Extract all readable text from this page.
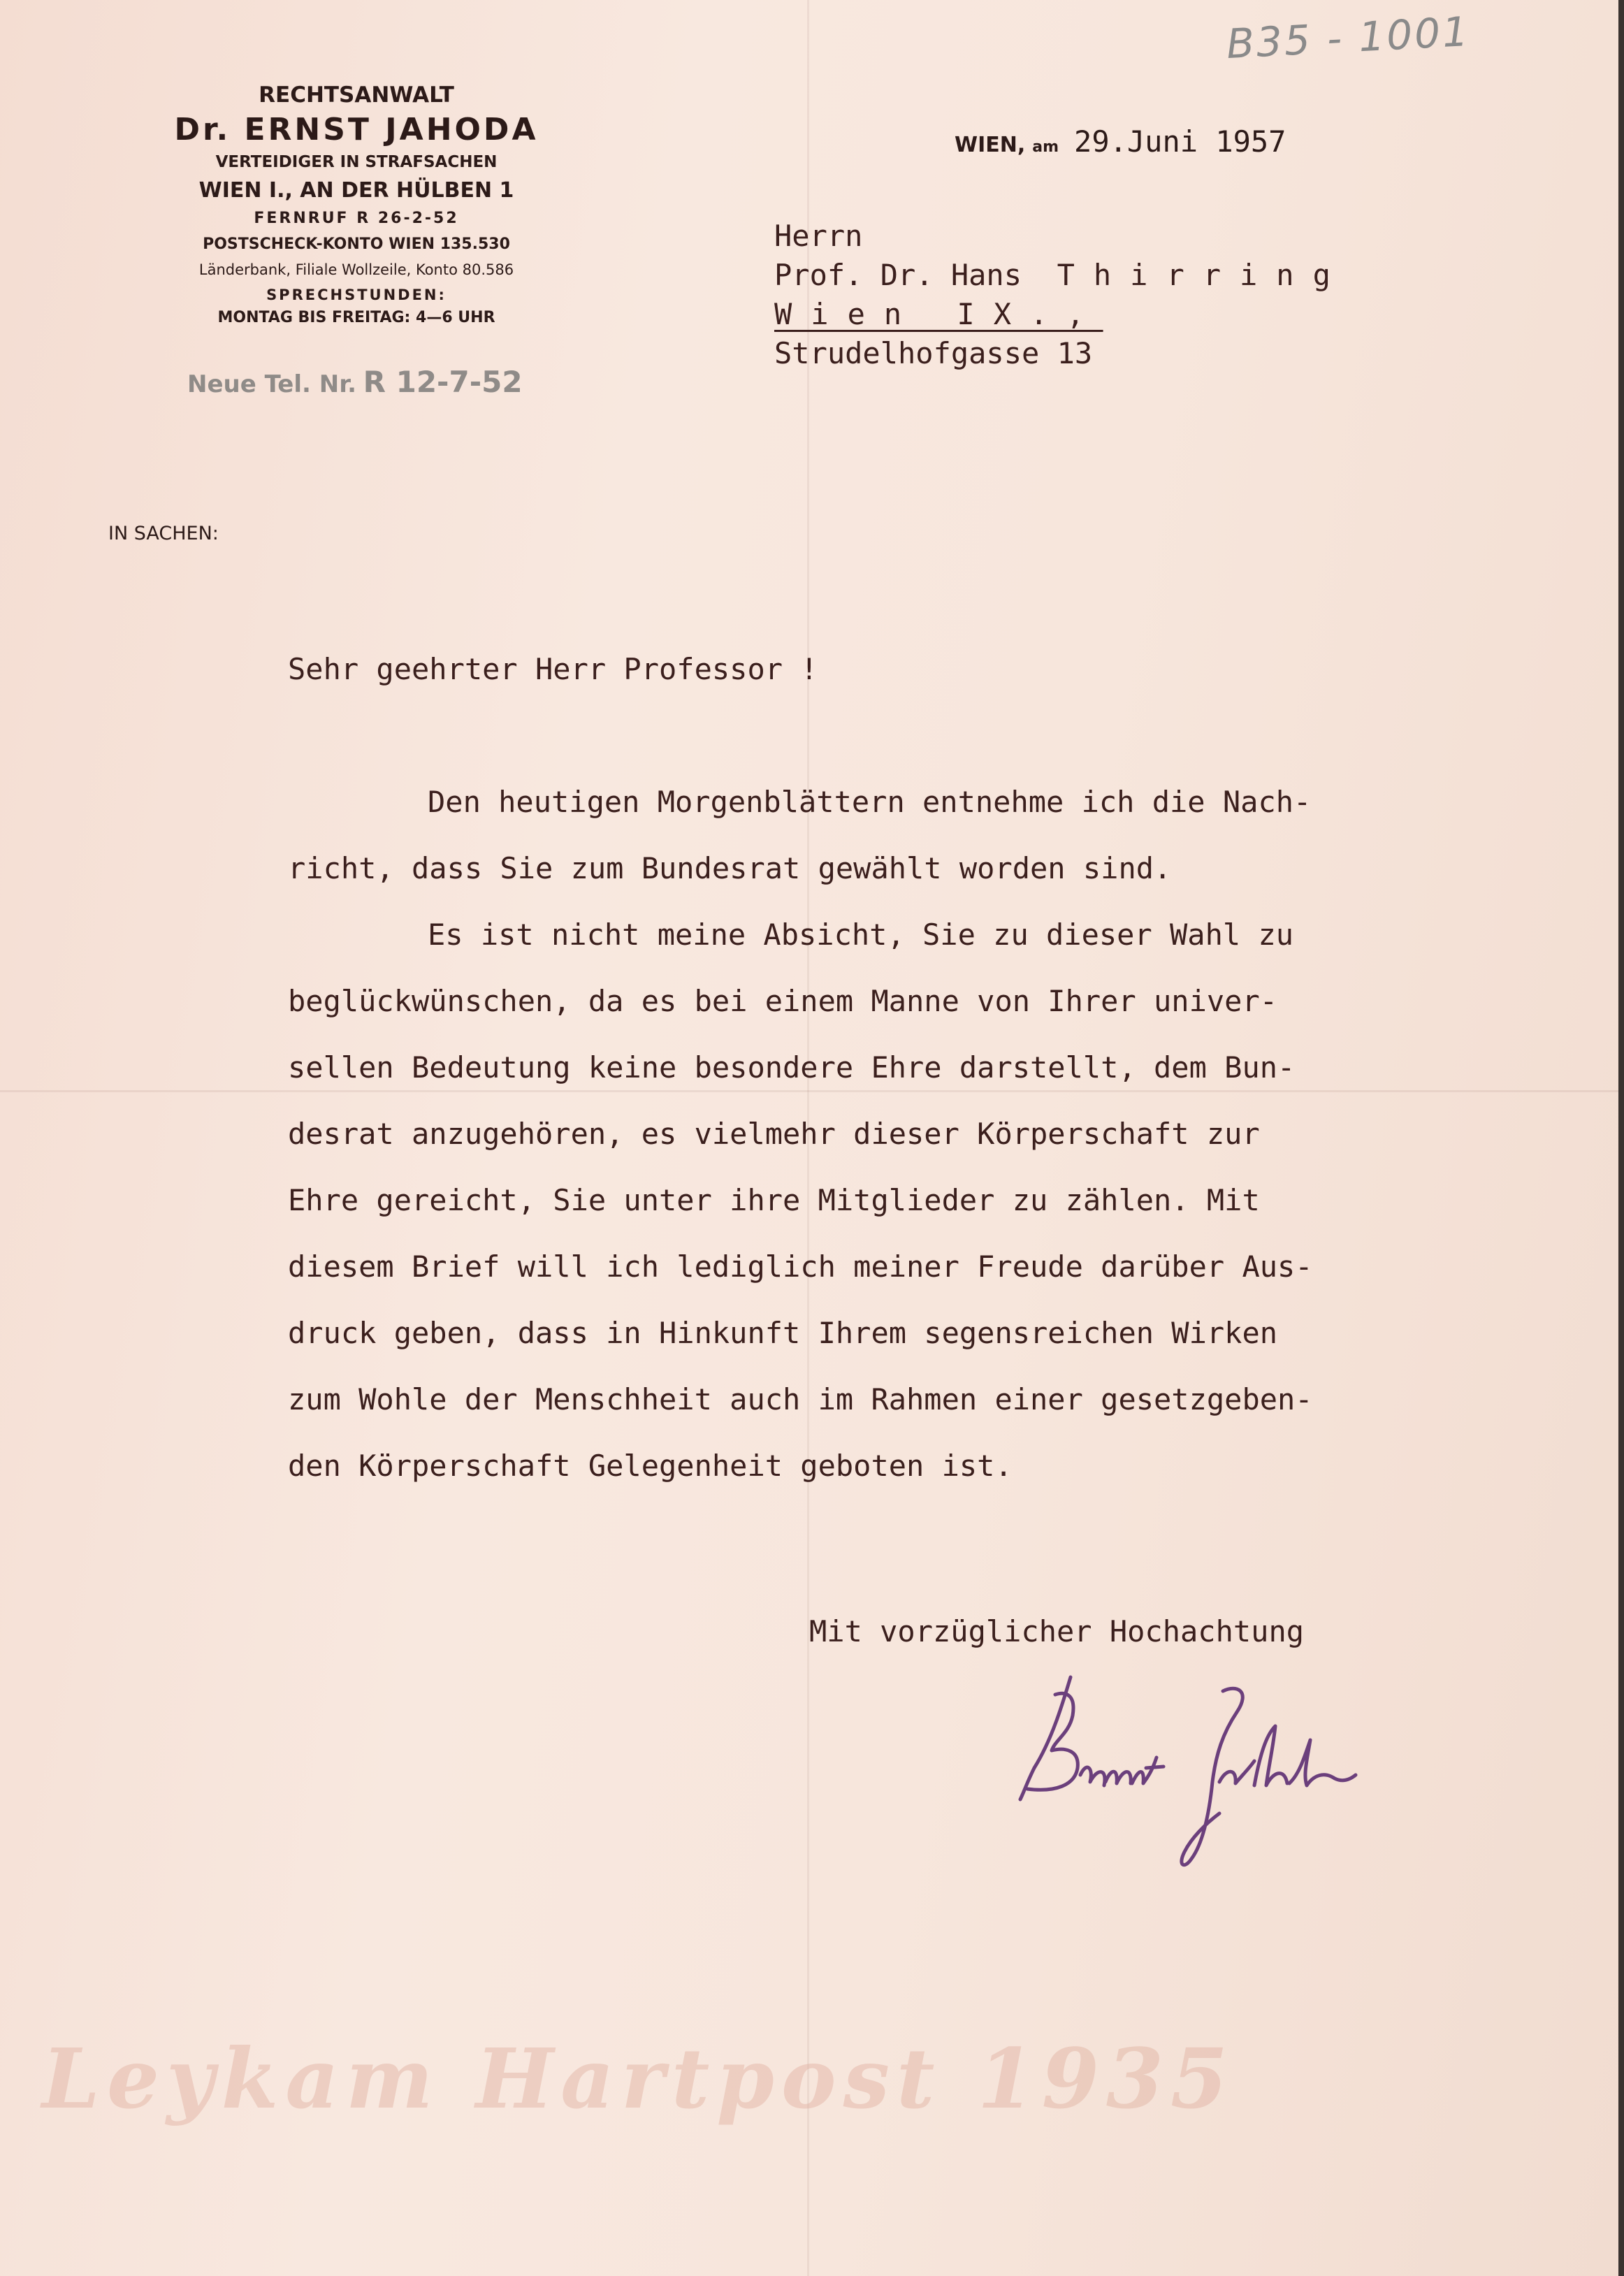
B35 - 1001
RECHTSANWALT
Dr. ERNST JAHODA
VERTEIDIGER IN STRAFSACHEN
WIEN I., AN DER HÜLBEN 1
FERNRUF R 26-2-52
POSTSCHECK-KONTO WIEN 135.530
Länderbank, Filiale Wollzeile, Konto 80.586
SPRECHSTUNDEN:
MONTAG BIS FREITAG: 4—6 UHR
Neue Tel. Nr. R 12-7-52
WIEN, am 29.Juni 1957
Herrn
Prof. Dr. Hans Thirring
Wien IX.,
Strudelhofgasse 13
IN SACHEN:
Sehr geehrter Herr Professor !
Den heutigen Morgenblättern entnehme ich die Nach-
richt, dass Sie zum Bundesrat gewählt worden sind.
Es ist nicht meine Absicht, Sie zu dieser Wahl zu
beglückwünschen, da es bei einem Manne von Ihrer univer-
sellen Bedeutung keine besondere Ehre darstellt, dem Bun-
desrat anzugehören, es vielmehr dieser Körperschaft zur
Ehre gereicht, Sie unter ihre Mitglieder zu zählen. Mit
diesem Brief will ich lediglich meiner Freude darüber Aus-
druck geben, dass in Hinkunft Ihrem segensreichen Wirken
zum Wohle der Menschheit auch im Rahmen einer gesetzgeben-
den Körperschaft Gelegenheit geboten ist.
Mit vorzüglicher Hochachtung
Leykam Hartpost 1935
